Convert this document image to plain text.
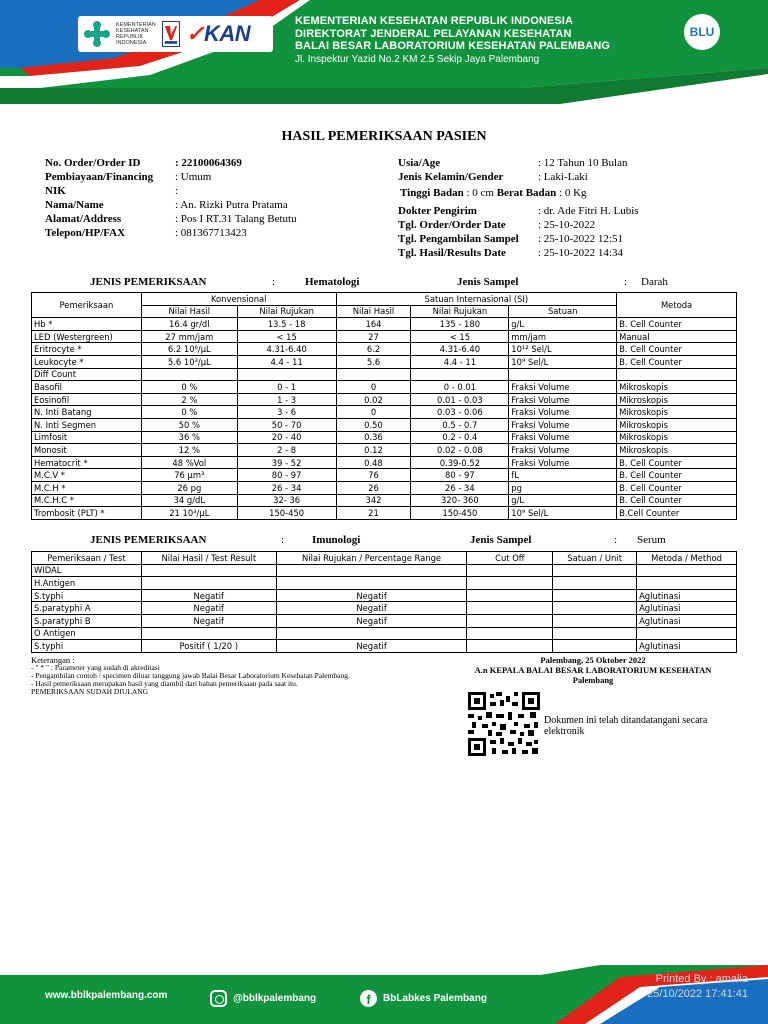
KEMENTERIAN KESEHATAN REPUBLIK INDONESIA	✓KAN	KEMENTERIAN KESEHATAN REPUBLIK INDONESIA
DIREKTORAT JENDERAL PELAYANAN KESEHATAN
BALAI BESAR LABORATORIUM KESEHATAN PALEMBANG
Jl. Inspektur Yazid No.2 KM 2.5 Sekip Jaya Palembang
BLU
HASIL PEMERIKSAAN PASIEN
No. Order/Order ID	: 22100064369
Pembiayaan/Financing	: Umum
NIK	:
Nama/Name	: An. Rizki Putra Pratama
Alamat/Address	: Pos I RT.31 Talang Betutu
Telepon/HP/FAX	: 081367713423
Usia/Age	: 12 Tahun 10 Bulan
Jenis Kelamin/Gender	: Laki-Laki
Tinggi Badan
: 0 cm
Berat Badan
: 0 Kg
Dokter Pengirim	: dr. Ade Fitri H. Lubis
Tgl. Order/Order Date	: 25-10-2022
Tgl. Pengambilan Sampel	: 25-10-2022 12:51
Tgl. Hasil/Results Date	: 25-10-2022 14:34
JENIS PEMERIKSAAN	:	Hematologi	Jenis Sampel	: Darah
Pemeriksaan	Konvensional		Satuan Internasional (SI)			Metoda
	Nilai Hasil	Nilai Rujukan	Nilai Hasil	Nilai Rujukan	Satuan	
Hb *	16.4 gr/dl	13.5 - 18	164	135 - 180	g/L	B. Cell Counter
LED (Westergreen)	27 mm/jam	< 15	27	< 15	mm/jam	Manual
Eritrocyte *	6.2 10⁶/µL	4.31-6.40	6.2	4.31-6.40	10¹² Sel/L	B. Cell Counter
Leukocyte *	5.6 10³/µL	4.4 - 11	5.6	4.4 - 11	10⁹ Sel/L	B. Cell Counter
Diff Count						
Basofil	0 %	0 - 1	0	0 - 0.01	Fraksi Volume	Mikroskopis
Eosinofil	2 %	1 - 3	0.02	0.01 - 0.03	Fraksi Volume	Mikroskopis
N. Inti Batang	0 %	3 - 6	0	0.03 - 0.06	Fraksi Volume	Mikroskopis
N. Inti Segmen	50 %	50 - 70	0.50	0.5 - 0.7	Fraksi Volume	Mikroskopis
Limfosit	36 %	20 - 40	0.36	0.2 - 0.4	Fraksi Volume	Mikroskopis
Monosit	12 %	2 - 8	0.12	0.02 - 0.08	Fraksi Volume	Mikroskopis
Hematocrit *	48 %Vol	39 - 52	0.48	0.39-0.52	Fraksi Volume	B. Cell Counter
M.C.V *	76 µm³	80 - 97	76	80 - 97	fL	B. Cell Counter
M.C.H *	26 pg	26 - 34	26	26 - 34	pg	B. Cell Counter
M.C.H.C *	34 g/dL	32- 36	342	320- 360	g/L	B. Cell Counter
Trombosit (PLT) *	21 10³/µL	150-450	21	150-450	10⁹ Sel/L	B.Cell Counter
JENIS PEMERIKSAAN	:	Imunologi	Jenis Sampel	: Serum
Pemeriksaan / Test	Nilai Hasil / Test Result	Nilai Rujukan / Percentage Range	Cut Off	Satuan / Unit	Metoda / Method
WIDAL					
H.Antigen					
S.typhi	Negatif	Negatif			Aglutinasi
S.paratyphi A	Negatif	Negatif			Aglutinasi
S.paratyphi B	Negatif	Negatif			Aglutinasi
O Antigen					
S.typhi	Positif ( 1/20 )	Negatif			Aglutinasi
Keterangan :
- " * " : Parameter yang sudah di akreditasi
- Pengambilan contoh / specimen diluar tanggung jawab Balai Besar Laboratorium Kesehatan Palembang.
- Hasil pemeriksaan merupakan hasil yang diambil dari bahan pemeriksaan pada saat itu.
PEMERIKSAAN SUDAH DIULANG
Palembang, 25 Oktober 2022
A.n KEPALA BALAI BESAR LABORATORIUM KESEHATAN
Palembang
Dokumen ini telah ditandatangani secara elektronik
www.bblkpalembang.com	@bblkpalembang	f	BbLabkes Palembang
Printed By : amalia
25/10/2022 17:41:41
